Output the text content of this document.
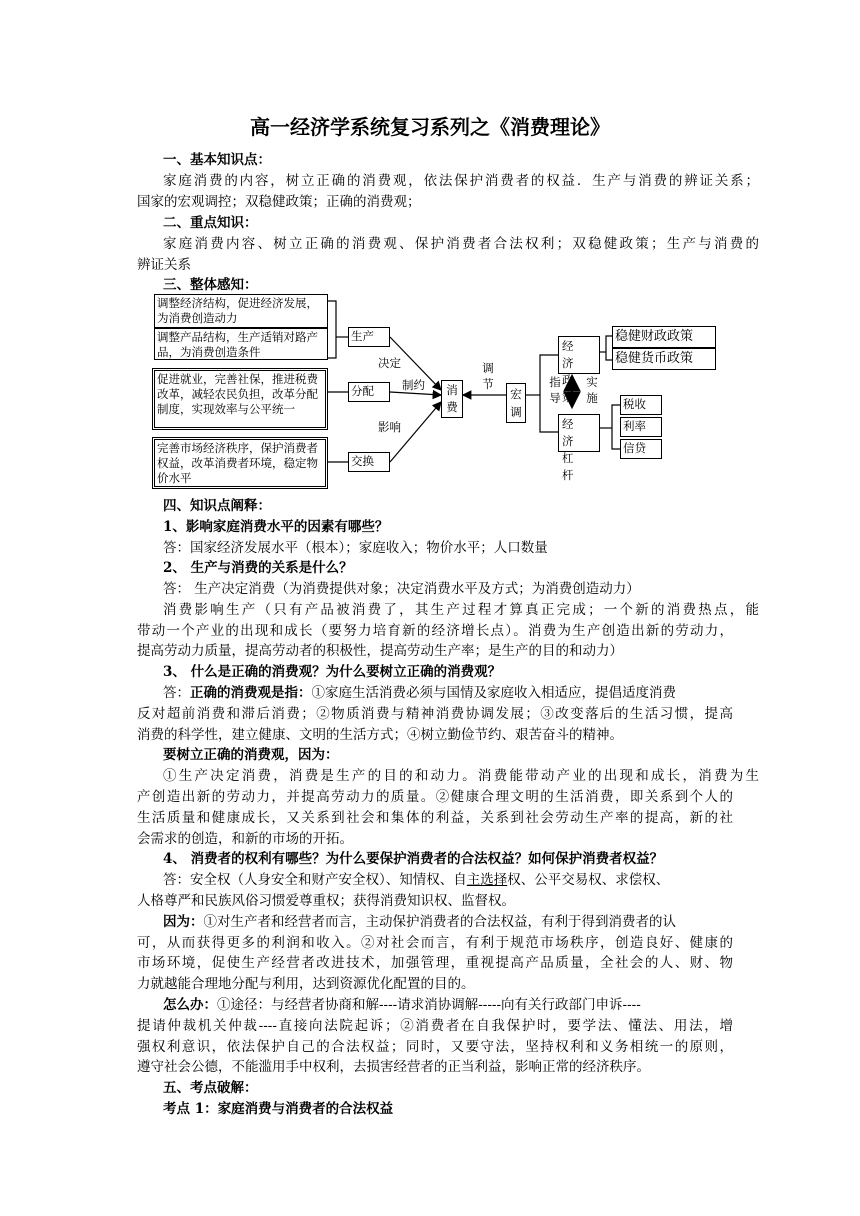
高一经济学系统复习系列之《消费理论》
一、基本知识点：
家庭消费的内容，树立正确的消费观，依法保护消费者的权益．生产与消费的辨证关系；
国家的宏观调控；双稳健政策；正确的消费观；
二、重点知识：
家庭消费内容、树立正确的消费观、保护消费者合法权利；双稳健政策；生产与消费的
辨证关系
三、整体感知：
调整经济结构，促进经济发展，为消费创造动力
调整产品结构，生产适销对路产品，为消费创造条件
促进就业，完善社保，推进税费改革，减轻农民负担，改革分配制度，实现效率与公平统一
完善市场经济秩序，保护消费者权益，改革消费者环境，稳定物价水平
生产
分配
交换
决定
制约
影响
消费
调节
宏调
经济政策
经济杠杆
指导
实施
稳健财政政策
稳健货币政策
税收
利率
信贷
四、知识点阐释：
1、影响家庭消费水平的因素有哪些？
答：国家经济发展水平（根本）；家庭收入；物价水平；人口数量
2、 生产与消费的关系是什么？
答： 生产决定消费（为消费提供对象；决定消费水平及方式；为消费创造动力）
消费影响生产（只有产品被消费了，其生产过程才算真正完成；一个新的消费热点，能
带动一个产业的出现和成长（要努力培育新的经济增长点）。消费为生产创造出新的劳动力，
提高劳动力质量，提高劳动者的积极性，提高劳动生产率；是生产的目的和动力）
3、 什么是正确的消费观？为什么要树立正确的消费观？
答：正确的消费观是指：①家庭生活消费必须与国情及家庭收入相适应，提倡适度消费
反对超前消费和滞后消费；②物质消费与精神消费协调发展；③改变落后的生活习惯，提高
消费的科学性，建立健康、文明的生活方式；④树立勤俭节约、艰苦奋斗的精神。
要树立正确的消费观，因为：
①生产决定消费，消费是生产的目的和动力。消费能带动产业的出现和成长，消费为生
产创造出新的劳动力，并提高劳动力的质量。②健康合理文明的生活消费，即关系到个人的
生活质量和健康成长，又关系到社会和集体的利益，关系到社会劳动生产率的提高，新的社
会需求的创造，和新的市场的开拓。
4、 消费者的权利有哪些？为什么要保护消费者的合法权益？如何保护消费者权益？
答：安全权（人身安全和财产安全权）、知情权、自主选择权、公平交易权、求偿权、
人格尊严和民族风俗习惯爱尊重权；获得消费知识权、监督权。
因为：①对生产者和经营者而言，主动保护消费者的合法权益，有利于得到消费者的认
可，从而获得更多的利润和收入。②对社会而言，有利于规范市场秩序，创造良好、健康的
市场环境，促使生产经营者改进技术，加强管理，重视提高产品质量，全社会的人、财、物
力就越能合理地分配与利用，达到资源优化配置的目的。
怎么办：①途径：与经营者协商和解----请求消协调解-----向有关行政部门申诉----
提请仲裁机关仲裁----直接向法院起诉；②消费者在自我保护时，要学法、懂法、用法，增
强权利意识，依法保护自己的合法权益；同时，又要守法，坚持权利和义务相统一的原则，
遵守社会公德，不能滥用手中权利，去损害经营者的正当利益，影响正常的经济秩序。
五、考点破解：
考点 1：家庭消费与消费者的合法权益
